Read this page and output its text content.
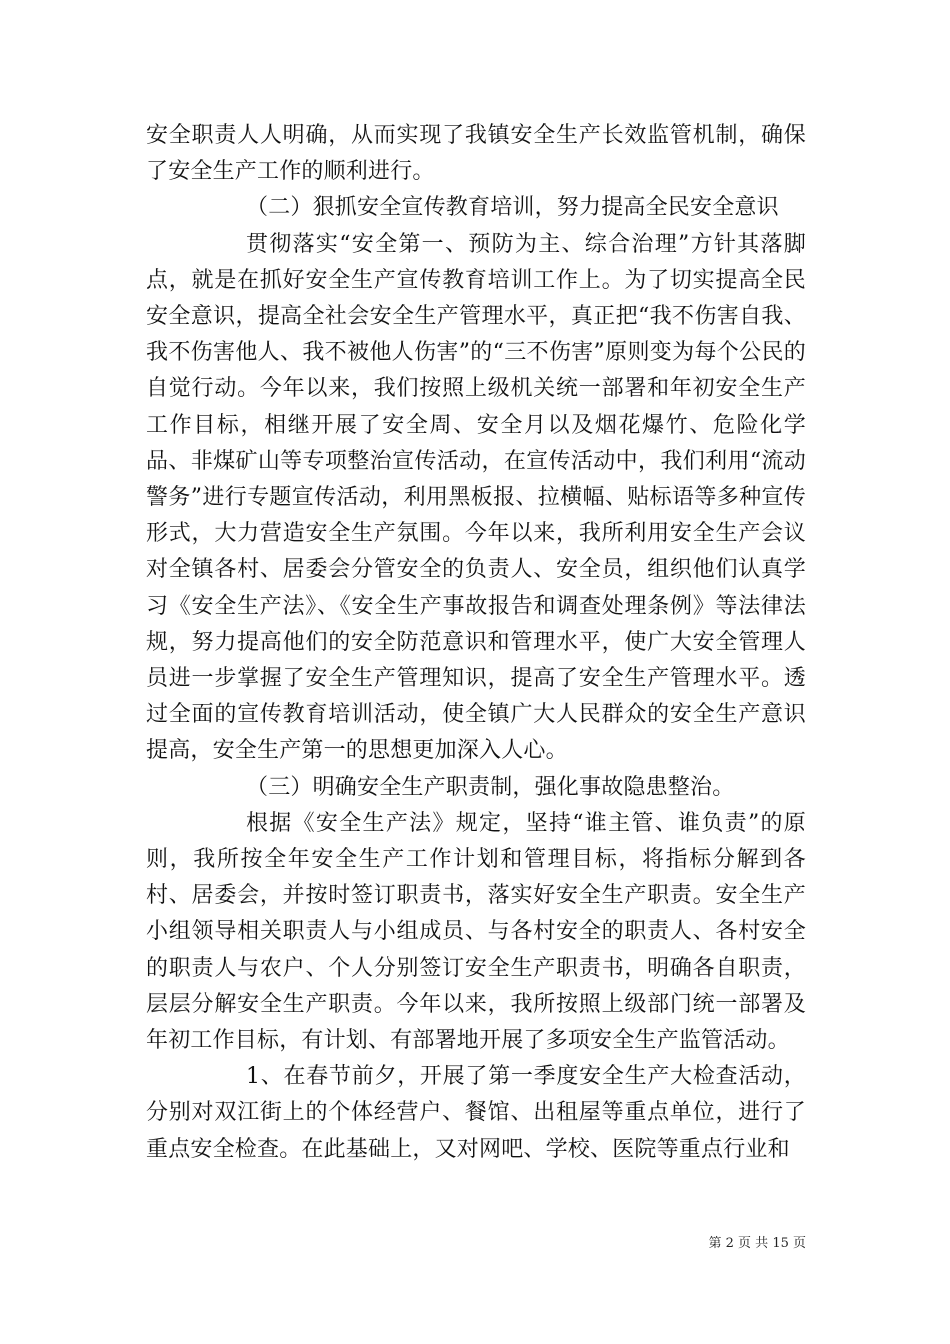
安全职责人人明确，从而实现了我镇安全生产长效监管机制，确保了安全生产工作的顺利进行。

（二）狠抓安全宣传教育培训，努力提高全民安全意识

贯彻落实“安全第一、预防为主、综合治理”方针其落脚点，就是在抓好安全生产宣传教育培训工作上。为了切实提高全民安全意识，提高全社会安全生产管理水平，真正把“我不伤害自我、我不伤害他人、我不被他人伤害”的“三不伤害”原则变为每个公民的自觉行动。今年以来，我们按照上级机关统一部署和年初安全生产工作目标，相继开展了安全周、安全月以及烟花爆竹、危险化学品、非煤矿山等专项整治宣传活动，在宣传活动中，我们利用“流动警务”进行专题宣传活动，利用黑板报、拉横幅、贴标语等多种宣传形式，大力营造安全生产氛围。今年以来，我所利用安全生产会议对全镇各村、居委会分管安全的负责人、安全员，组织他们认真学习《安全生产法》、《安全生产事故报告和调查处理条例》等法律法规，努力提高他们的安全防范意识和管理水平，使广大安全管理人员进一步掌握了安全生产管理知识，提高了安全生产管理水平。透过全面的宣传教育培训活动，使全镇广大人民群众的安全生产意识提高，安全生产第一的思想更加深入人心。

（三）明确安全生产职责制，强化事故隐患整治。

根据《安全生产法》规定，坚持“谁主管、谁负责”的原则，我所按全年安全生产工作计划和管理目标，将指标分解到各村、居委会，并按时签订职责书，落实好安全生产职责。安全生产小组领导相关职责人与小组成员、与各村安全的职责人、各村安全的职责人与农户、个人分别签订安全生产职责书，明确各自职责，层层分解安全生产职责。今年以来，我所按照上级部门统一部署及年初工作目标，有计划、有部署地开展了多项安全生产监管活动。

1、在春节前夕，开展了第一季度安全生产大检查活动，分别对双江街上的个体经营户、餐馆、出租屋等重点单位，进行了重点安全检查。在此基础上，又对网吧、学校、医院等重点行业和

第 2 页 共 15 页
